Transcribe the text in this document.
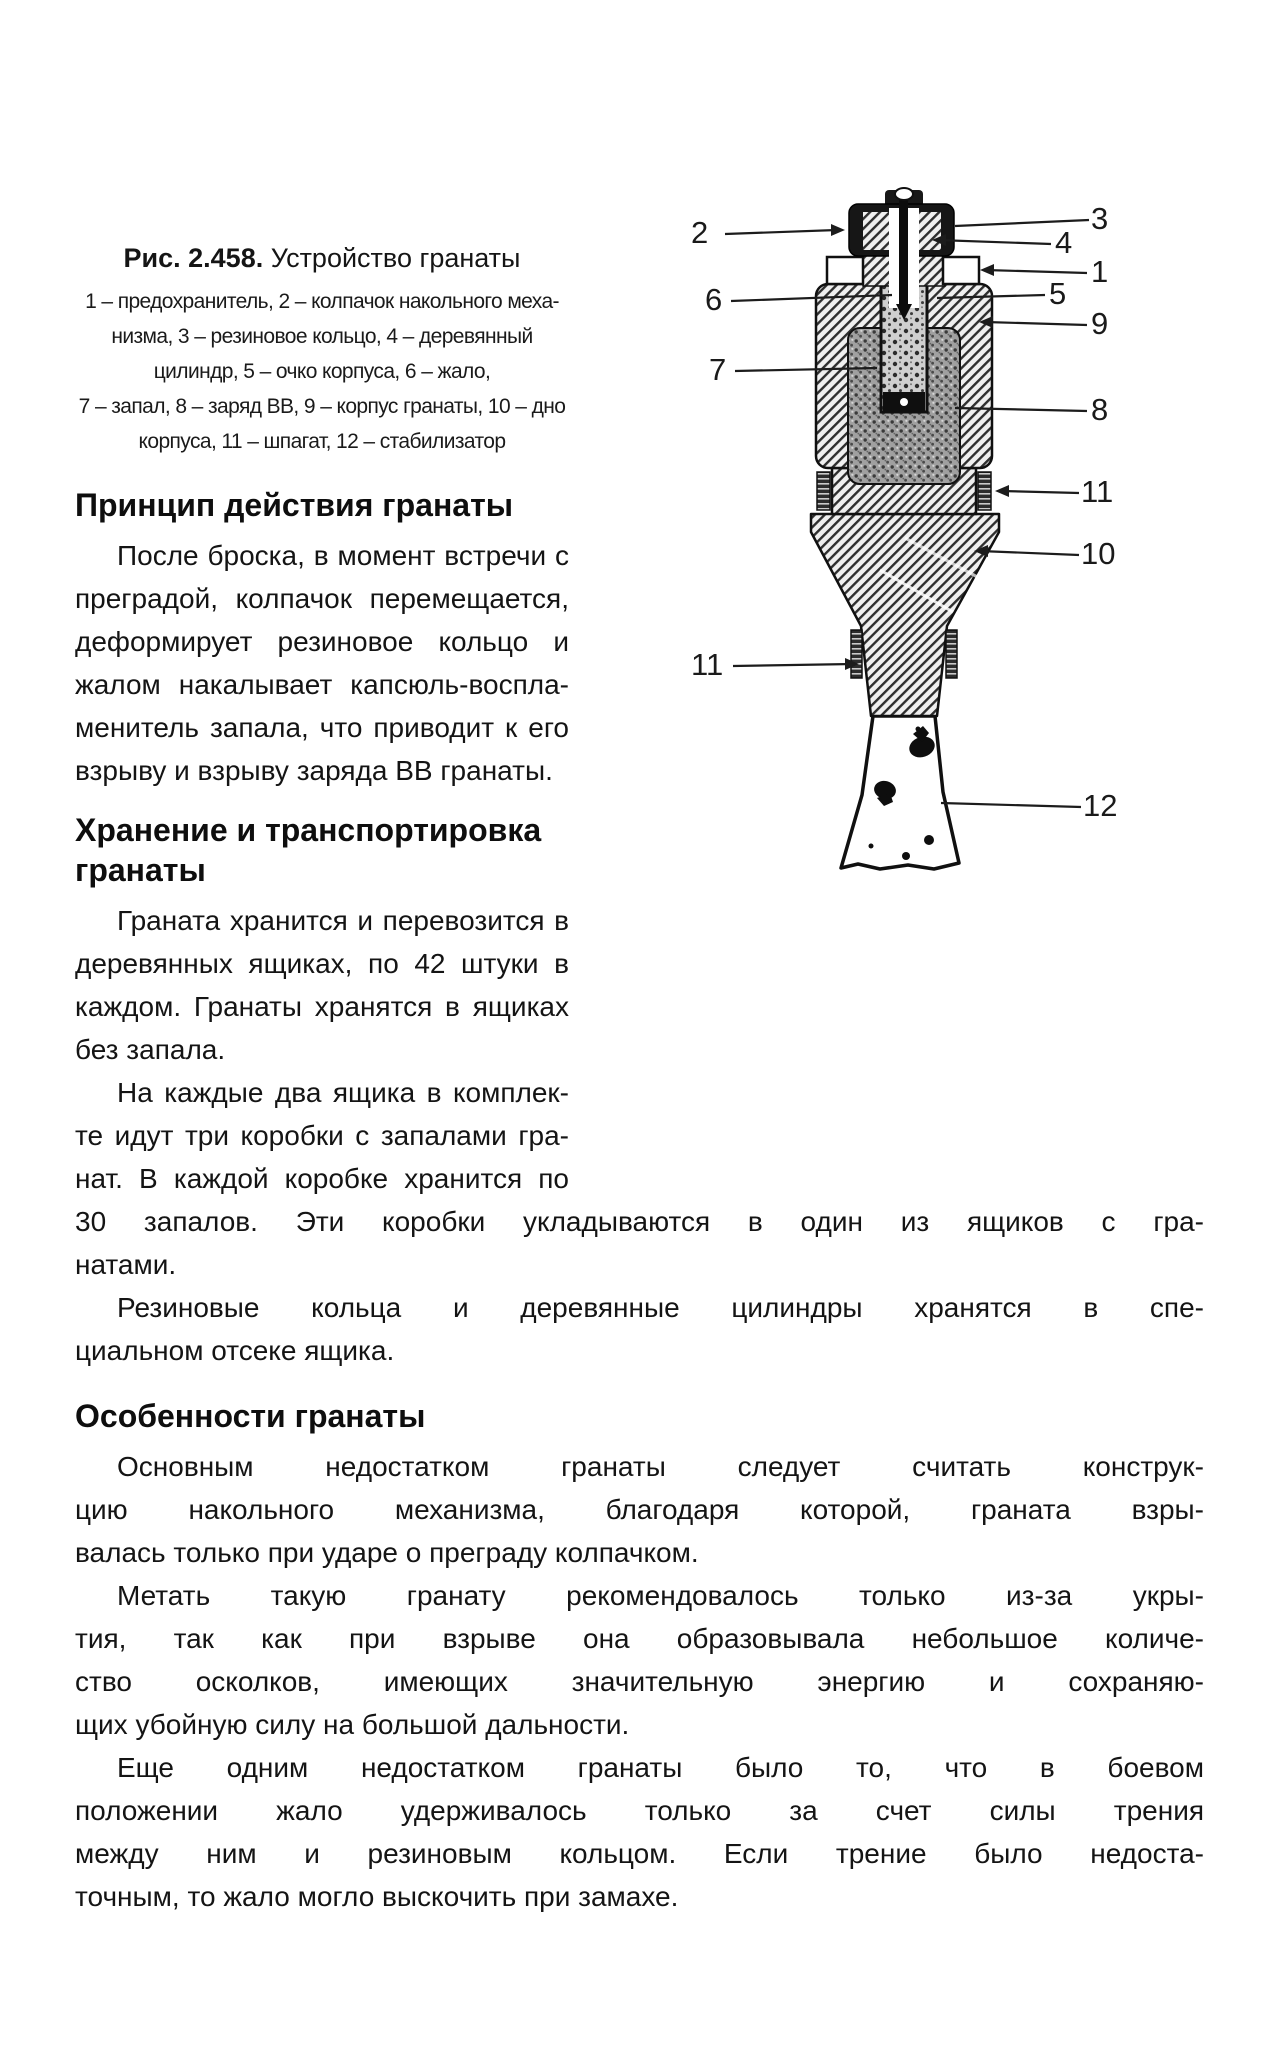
2	3
4
1
5
6
9
7
8
11
10
11
12
Рис. 2.458. Устройство гранаты
1 – предохранитель, 2 – колпачок накольного меха-
низма, 3 – резиновое кольцо, 4 – деревянный
цилиндр, 5 – очко корпуса, 6 – жало,
7 – запал, 8 – заряд ВВ, 9 – корпус гранаты, 10 – дно
корпуса, 11 – шпагат, 12 – стабилизатор
Принцип действия гранаты
После броска, в момент встречи с
преградой, колпачок перемещается,
деформирует резиновое кольцо и
жалом накалывает капсюль-воспла-
менитель запала, что приводит к его
взрыву и взрыву заряда ВВ гранаты.
Хранение и транспортировка
гранаты
Граната хранится и перевозится в
деревянных ящиках, по 42 штуки в
каждом. Гранаты хранятся в ящиках
без запала.
На каждые два ящика в комплек-
те идут три коробки с запалами гра-
нат. В каждой коробке хранится по
30 запалов. Эти коробки укладываются в один из ящиков с гра-
натами.
Резиновые кольца и деревянные цилиндры хранятся в спе-
циальном отсеке ящика.
Особенности гранаты
Основным недостатком гранаты следует считать конструк-
цию накольного механизма, благодаря которой, граната взры-
валась только при ударе о преграду колпачком.
Метать такую гранату рекомендовалось только из-за укры-
тия, так как при взрыве она образовывала небольшое количе-
ство осколков, имеющих значительную энергию и сохраняю-
щих убойную силу на большой дальности.
Еще одним недостатком гранаты было то, что в боевом
положении жало удерживалось только за счет силы трения
между ним и резиновым кольцом. Если трение было недоста-
точным, то жало могло выскочить при замахе.
